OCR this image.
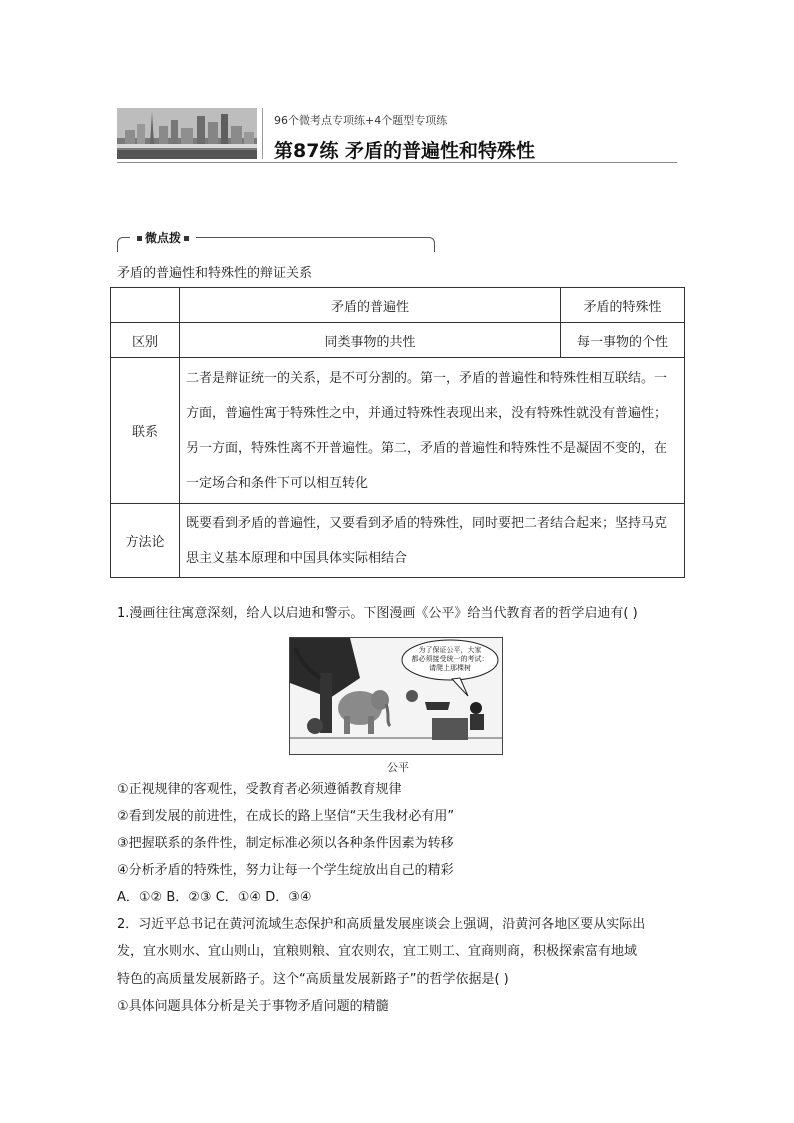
96个微考点专项练+4个题型专项练
第87练 矛盾的普遍性和特殊性
微点拨
矛盾的普遍性和特殊性的辩证关系
	矛盾的普遍性	矛盾的特殊性
区别	同类事物的共性	每一事物的个性
联系	二者是辩证统一的关系，是不可分割的。第一，矛盾的普遍性和特殊性相互联结。一方面，普遍性寓于特殊性之中，并通过特殊性表现出来，没有特殊性就没有普遍性；另一方面，特殊性离不开普遍性。第二，矛盾的普遍性和特殊性不是凝固不变的，在一定场合和条件下可以相互转化	
方法论	既要看到矛盾的普遍性，又要看到矛盾的特殊性，同时要把二者结合起来；坚持马克思主义基本原理和中国具体实际相结合	
1.漫画往往寓意深刻，给人以启迪和警示。下图漫画《公平》给当代教育者的哲学启迪有( )
为了保证公平，大家
都必须接受统一的考试：
请爬上那棵树
公平
①正视规律的客观性，受教育者必须遵循教育规律
②看到发展的前进性，在成长的路上坚信“天生我材必有用”
③把握联系的条件性，制定标准必须以各种条件因素为转移
④分析矛盾的特殊性，努力让每一个学生绽放出自己的精彩
A．①② B．②③ C．①④ D．③④
2．习近平总书记在黄河流域生态保护和高质量发展座谈会上强调，沿黄河各地区要从实际出
发，宜水则水、宜山则山，宜粮则粮、宜农则农，宜工则工、宜商则商，积极探索富有地域
特色的高质量发展新路子。这个“高质量发展新路子”的哲学依据是( )
①具体问题具体分析是关于事物矛盾问题的精髓
